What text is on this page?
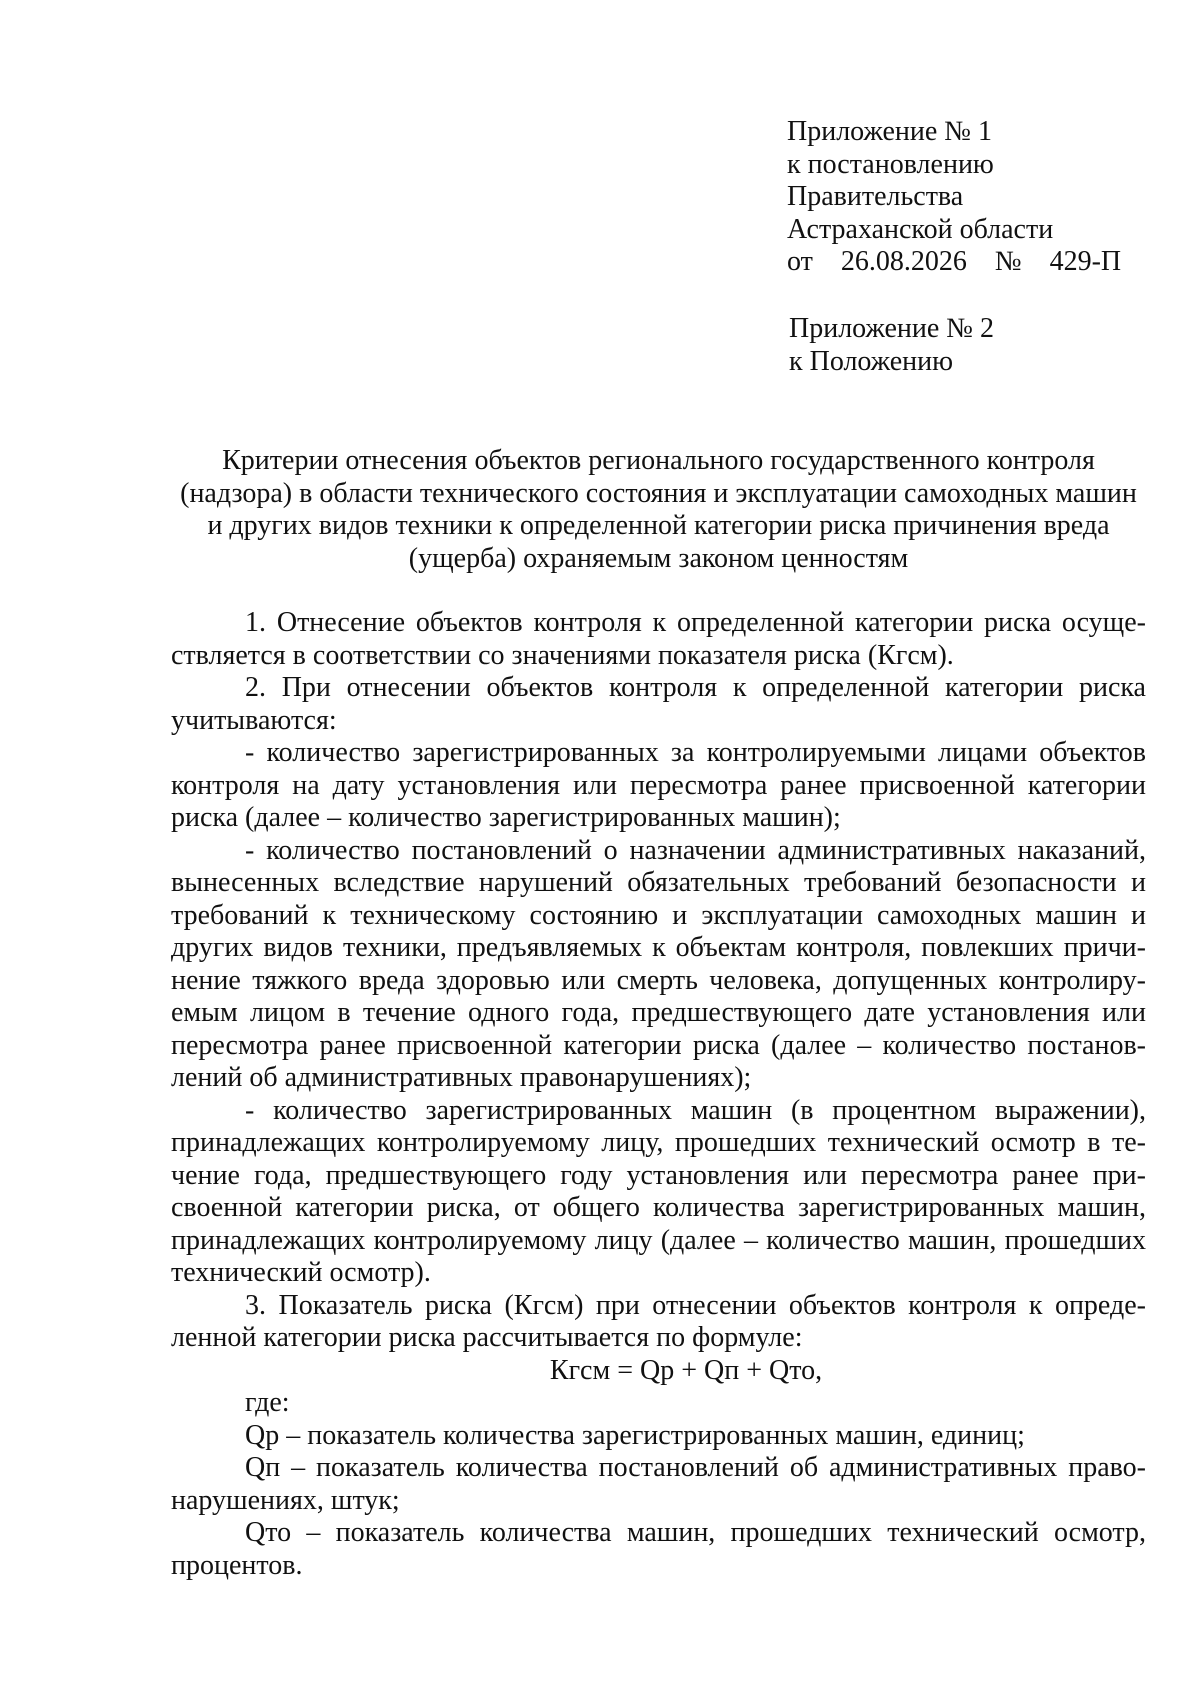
Приложение № 1
к постановлению
Правительства
Астраханской области
от 26.08.2026 № 429-П
Приложение № 2
к Положению
Критерии отнесения объектов регионального государственного контроля
(надзора) в области технического состояния и эксплуатации самоходных машин
и других видов техники к определенной категории риска причинения вреда
(ущерба) охраняемым законом ценностям

1. Отнесение объектов контроля к определенной категории риска осуществляется в соответствии со значениями показателя риска (Кгсм).

2. При отнесении объектов контроля к определенной категории риска учитываются:

- количество зарегистрированных за контролируемыми лицами объектов контроля на дату установления или пересмотра ранее присвоенной категории риска (далее – количество зарегистрированных машин);

- количество постановлений о назначении административных наказаний, вынесенных вследствие нарушений обязательных требований безопасности и требований к техническому состоянию и эксплуатации самоходных машин и других видов техники, предъявляемых к объектам контроля, повлекших причинение тяжкого вреда здоровью или смерть человека, допущенных контролируемым лицом в течение одного года, предшествующего дате установления или пересмотра ранее присвоенной категории риска (далее – количество постановлений об административных правонарушениях);

- количество зарегистрированных машин (в процентном выражении), принадлежащих контролируемому лицу, прошедших технический осмотр в течение года, предшествующего году установления или пересмотра ранее присвоенной категории риска, от общего количества зарегистрированных машин, принадлежащих контролируемому лицу (далее – количество машин, прошедших технический осмотр).

3. Показатель риска (Кгсм) при отнесении объектов контроля к определенной категории риска рассчитывается по формуле:

Кгсм = Qр + Qп + Qто,

где:

Qр – показатель количества зарегистрированных машин, единиц;

Qп – показатель количества постановлений об административных правонарушениях, штук;

Qто – показатель количества машин, прошедших технический осмотр, процентов.
